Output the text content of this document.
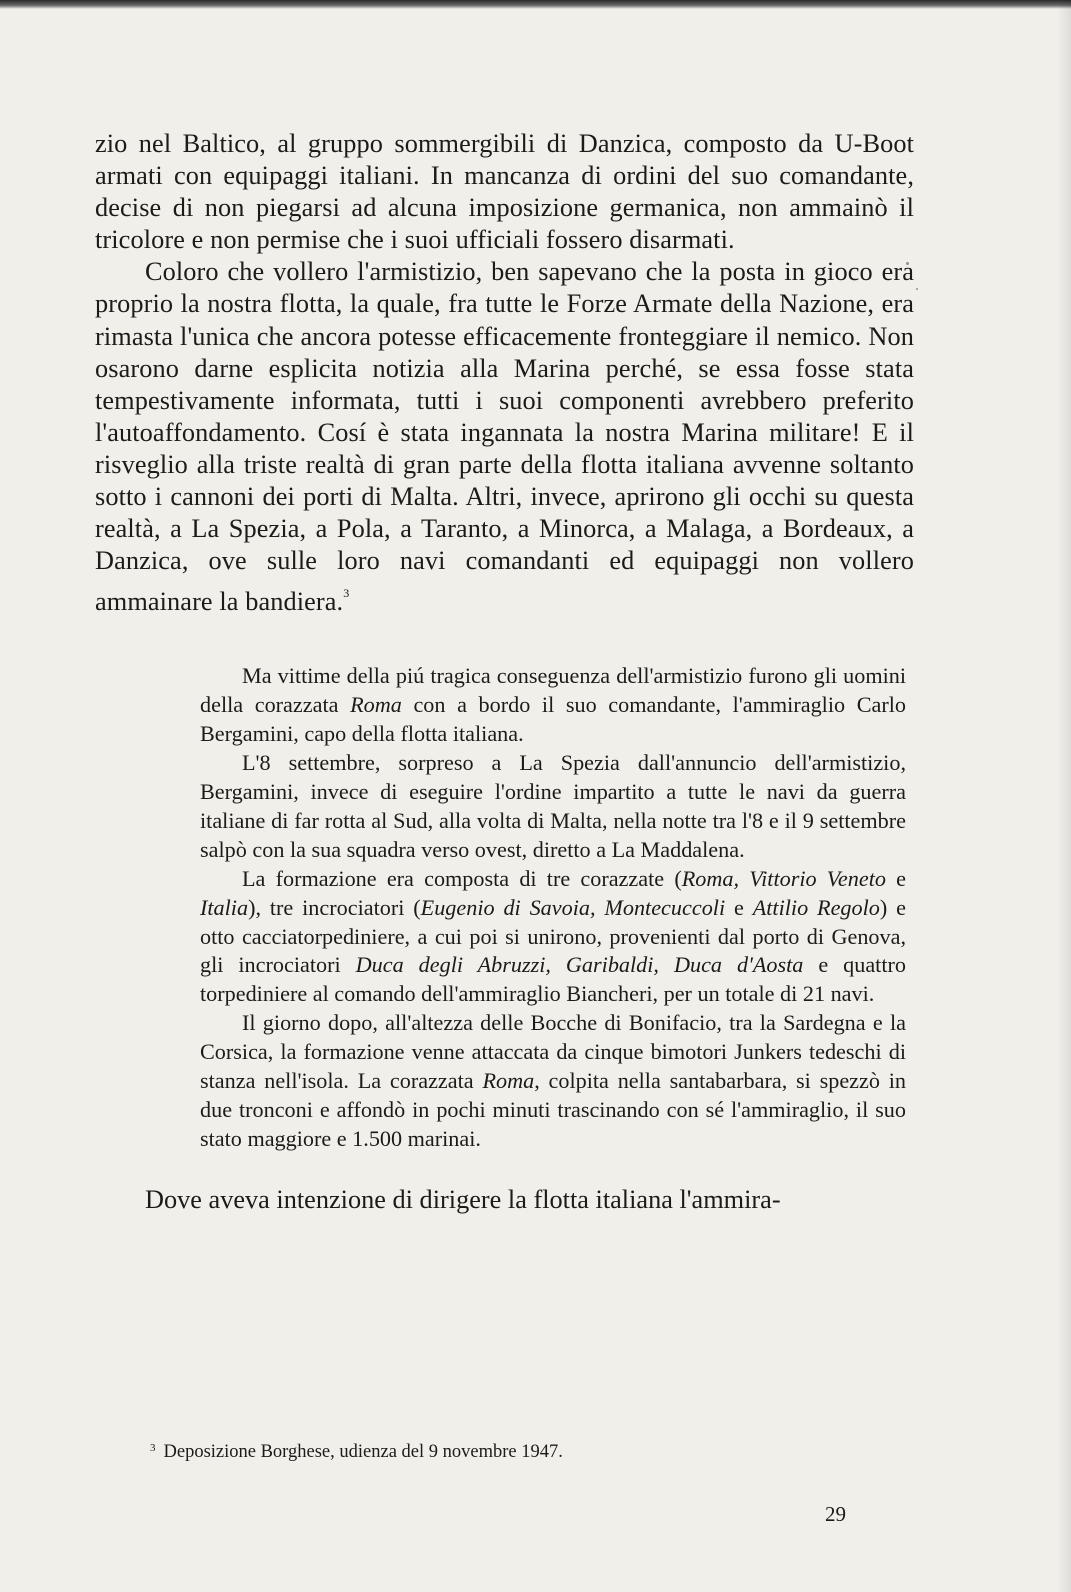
zio nel Baltico, al gruppo sommergibili di Danzica, composto da U-Boot armati con equipaggi italiani. In mancanza di ordini del suo comandante, decise di non piegarsi ad alcuna imposizione germanica, non ammainò il tricolore e non permise che i suoi ufficiali fossero disarmati.

Coloro che vollero l'armistizio, ben sapevano che la posta in gioco era proprio la nostra flotta, la quale, fra tutte le Forze Armate della Nazione, era rimasta l'unica che ancora potesse efficacemente fronteggiare il nemico. Non osarono darne esplicita notizia alla Marina perché, se essa fosse stata tempestivamente informata, tutti i suoi componenti avrebbero preferito l'autoaffondamento. Cosí è stata ingannata la nostra Marina militare! E il risveglio alla triste realtà di gran parte della flotta italiana avvenne soltanto sotto i cannoni dei porti di Malta. Altri, invece, aprirono gli occhi su questa realtà, a La Spezia, a Pola, a Taranto, a Minorca, a Malaga, a Bordeaux, a Danzica, ove sulle loro navi comandanti ed equipaggi non vollero ammainare la bandiera.$^3$

Ma vittime della piú tragica conseguenza dell'armistizio furono gli uomini della corazzata Roma con a bordo il suo comandante, l'ammiraglio Carlo Bergamini, capo della flotta italiana.

L'8 settembre, sorpreso a La Spezia dall'annuncio dell'armistizio, Bergamini, invece di eseguire l'ordine impartito a tutte le navi da guerra italiane di far rotta al Sud, alla volta di Malta, nella notte tra l'8 e il 9 settembre salpò con la sua squadra verso ovest, diretto a La Maddalena.

La formazione era composta di tre corazzate (Roma, Vittorio Veneto e Italia), tre incrociatori (Eugenio di Savoia, Montecuccoli e Attilio Regolo) e otto cacciatorpediniere, a cui poi si unirono, provenienti dal porto di Genova, gli incrociatori Duca degli Abruzzi, Garibaldi, Duca d'Aosta e quattro torpediniere al comando dell'ammiraglio Biancheri, per un totale di 21 navi.

Il giorno dopo, all'altezza delle Bocche di Bonifacio, tra la Sardegna e la Corsica, la formazione venne attaccata da cinque bimotori Junkers tedeschi di stanza nell'isola. La corazzata Roma, colpita nella santabarbara, si spezzò in due tronconi e affondò in pochi minuti trascinando con sé l'ammiraglio, il suo stato maggiore e 1.500 marinai.

Dove aveva intenzione di dirigere la flotta italiana l'ammira-

$^3$ Deposizione Borghese, udienza del 9 novembre 1947.
29
